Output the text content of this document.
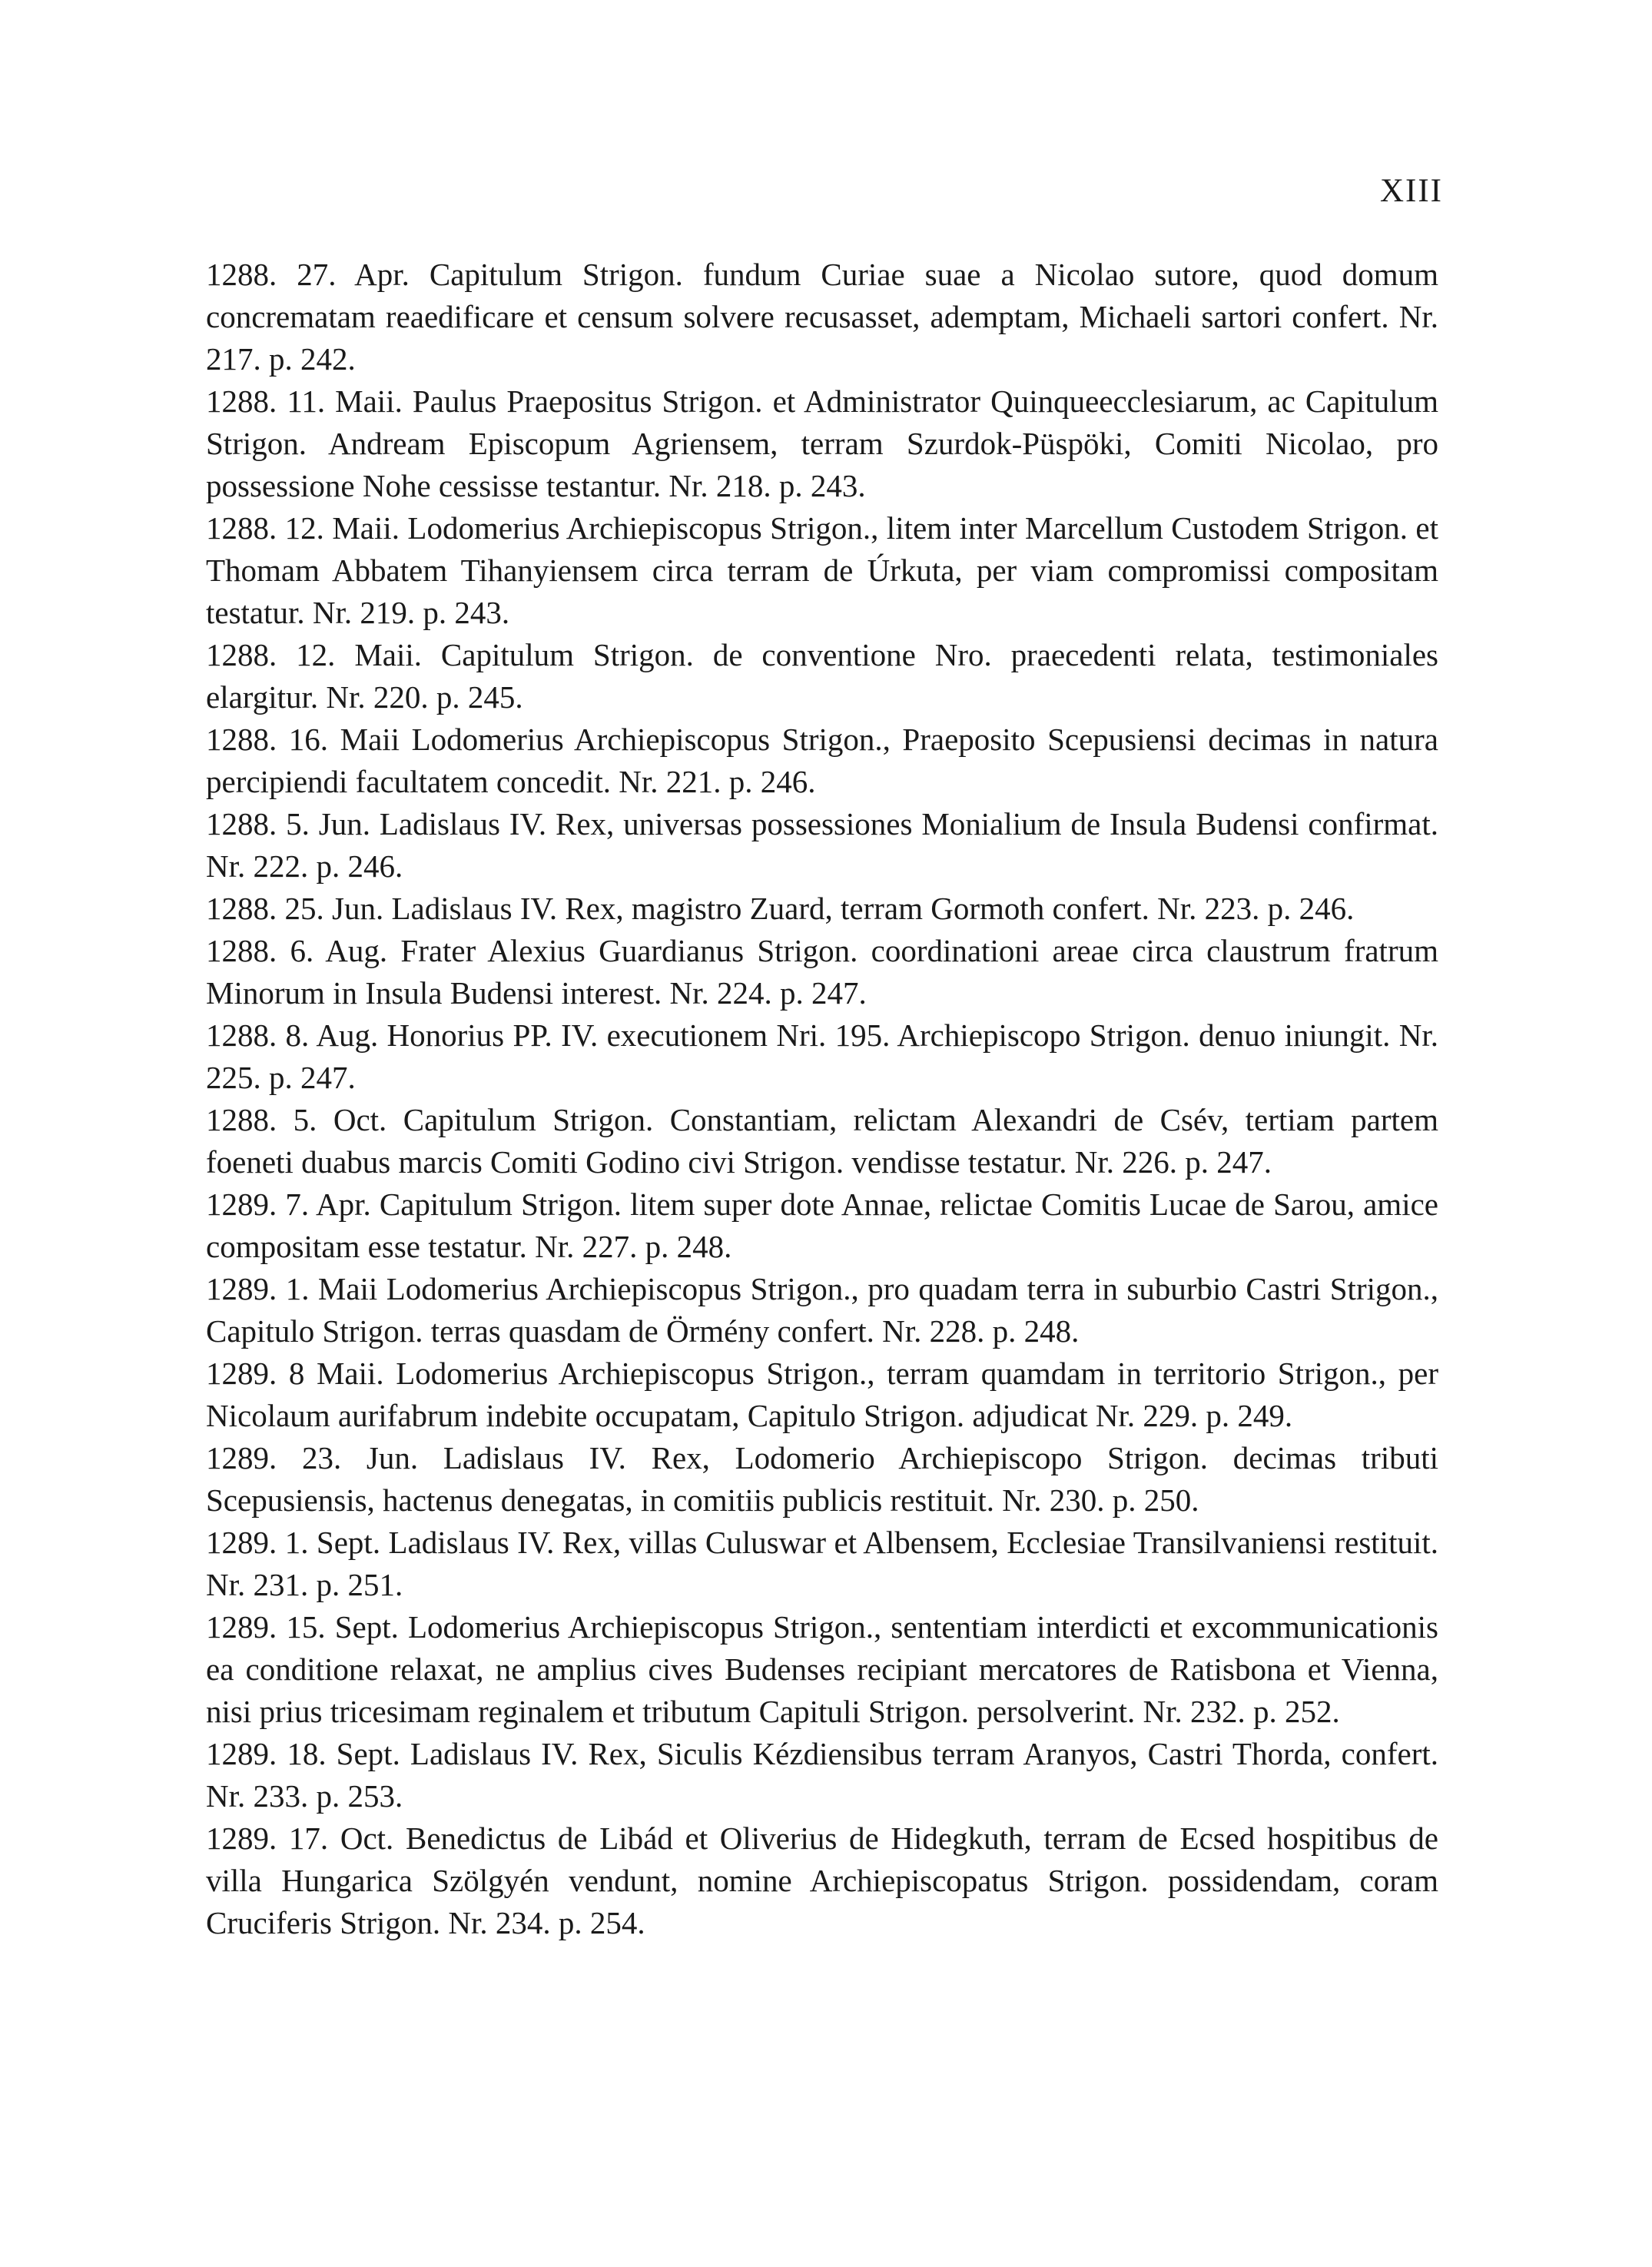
XIII

1288. 27. Apr. Capitulum Strigon. fundum Curiae suae a Nicolao sutore, quod domum concrematam reaedificare et censum solvere recusasset, ademptam, Michaeli sartori confert. Nr. 217. p. 242.

1288. 11. Maii. Paulus Praepositus Strigon. et Administrator Quinqueecclesiarum, ac Capitulum Strigon. Andream Episcopum Agriensem, terram Szurdok-Püspöki, Comiti Nicolao, pro possessione Nohe cessisse testantur. Nr. 218. p. 243.

1288. 12. Maii. Lodomerius Archiepiscopus Strigon., litem inter Marcellum Custodem Strigon. et Thomam Abbatem Tihanyiensem circa terram de Úrkuta, per viam compromissi compositam testatur. Nr. 219. p. 243.

1288. 12. Maii. Capitulum Strigon. de conventione Nro. praecedenti relata, testimoniales elargitur. Nr. 220. p. 245.

1288. 16. Maii Lodomerius Archiepiscopus Strigon., Praeposito Scepusiensi decimas in natura percipiendi facultatem concedit. Nr. 221. p. 246.

1288. 5. Jun. Ladislaus IV. Rex, universas possessiones Monialium de Insula Budensi confirmat. Nr. 222. p. 246.

1288. 25. Jun. Ladislaus IV. Rex, magistro Zuard, terram Gormoth confert. Nr. 223. p. 246.

1288. 6. Aug. Frater Alexius Guardianus Strigon. coordinationi areae circa claustrum fratrum Minorum in Insula Budensi interest. Nr. 224. p. 247.

1288. 8. Aug. Honorius PP. IV. executionem Nri. 195. Archiepiscopo Strigon. denuo iniungit. Nr. 225. p. 247.

1288. 5. Oct. Capitulum Strigon. Constantiam, relictam Alexandri de Csév, tertiam partem foeneti duabus marcis Comiti Godino civi Strigon. vendisse testatur. Nr. 226. p. 247.

1289. 7. Apr. Capitulum Strigon. litem super dote Annae, relictae Comitis Lucae de Sarou, amice compositam esse testatur. Nr. 227. p. 248.

1289. 1. Maii Lodomerius Archiepiscopus Strigon., pro quadam terra in suburbio Castri Strigon., Capitulo Strigon. terras quasdam de Örmény confert. Nr. 228. p. 248.

1289. 8 Maii. Lodomerius Archiepiscopus Strigon., terram quamdam in territorio Strigon., per Nicolaum aurifabrum indebite occupatam, Capitulo Strigon. adjudicat Nr. 229. p. 249.

1289. 23. Jun. Ladislaus IV. Rex, Lodomerio Archiepiscopo Strigon. decimas tributi Scepusiensis, hactenus denegatas, in comitiis publicis restituit. Nr. 230. p. 250.

1289. 1. Sept. Ladislaus IV. Rex, villas Culuswar et Albensem, Ecclesiae Transilvaniensi restituit. Nr. 231. p. 251.

1289. 15. Sept. Lodomerius Archiepiscopus Strigon., sententiam interdicti et excommunicationis ea conditione relaxat, ne amplius cives Budenses recipiant mercatores de Ratisbona et Vienna, nisi prius tricesimam reginalem et tributum Capituli Strigon. persolverint. Nr. 232. p. 252.

1289. 18. Sept. Ladislaus IV. Rex, Siculis Kézdiensibus terram Aranyos, Castri Thorda, confert. Nr. 233. p. 253.

1289. 17. Oct. Benedictus de Libád et Oliverius de Hidegkuth, terram de Ecsed hospitibus de villa Hungarica Szölgyén vendunt, nomine Archiepiscopatus Strigon. possidendam, coram Cruciferis Strigon. Nr. 234. p. 254.
